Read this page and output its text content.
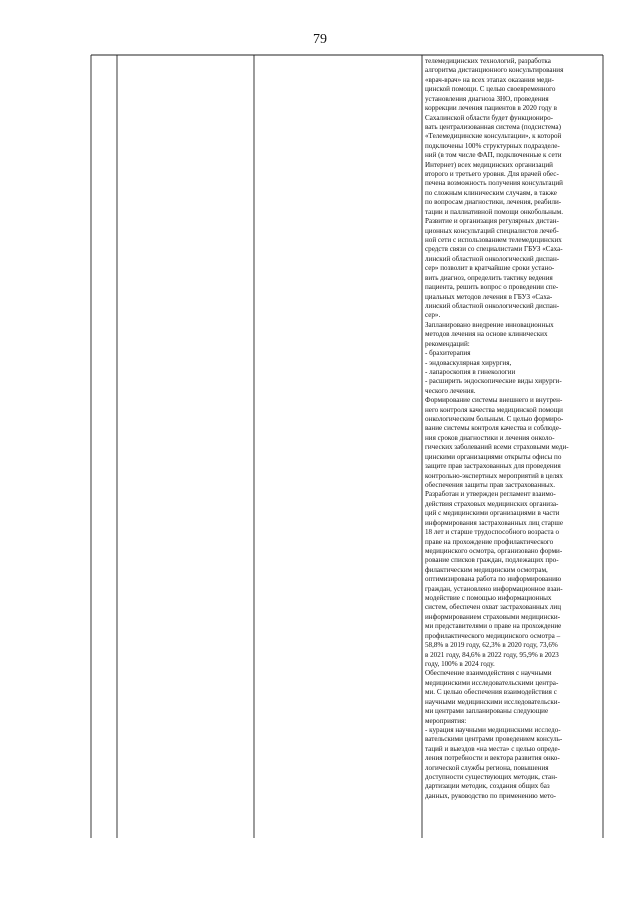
79

телемедицинских технологий, разработка

алгоритма дистанционного консультирования

«врач-врач» на всех этапах оказания меди-

цинской помощи. С целью своевременного

установления диагноза ЗНО, проведения

коррекции лечения пациентов в 2020 году в

Сахалинской области будет функциониро-

вать централизованная система (подсистема)

«Телемедицинские консультации», к которой

подключены 100% структурных подразделе-

ний (в том числе ФАП, подключенные к сети

Интернет) всех медицинских организаций

второго и третьего уровня. Для врачей обес-

печена возможность получения консультаций

по сложным клиническим случаям, в также

по вопросам диагностики, лечения, реабили-

тации и паллиативной помощи онкобольным.

Развитие и организация регулярных дистан-

ционных консультаций специалистов лечеб-

ной сети с использованием телемедицинских

средств связи со специалистами ГБУЗ «Саха-

линский областной онкологический диспан-

сер» позволит в кратчайшие сроки устано-

вить диагноз, определить тактику ведения

пациента, решить вопрос о проведении спе-

циальных методов лечения в ГБУЗ «Саха-

линский областной онкологический диспан-

сер».

Запланировано внедрение инновационных

методов лечения на основе клинических

рекомендаций:

- брахитерапия

- эндоваскулярная хирургия,

- лапароскопия в гинекологии

- расширить эндоскопические виды хирурги-

ческого лечения.

Формирование системы внешнего и внутрен-

него контроля качества медицинской помощи

онкологическим больным. С целью формиро-

вание системы контроля качества и соблюде-

ния сроков диагностики и лечения онколо-

гических заболеваний всеми страховыми меди-

цинскими организациями открыты офисы по

защите прав застрахованных для проведения

контрольно-экспертных мероприятий в целях

обеспечения защиты прав застрахованных.

Разработан и утвержден регламент взаимо-

действия страховых медицинских организа-

ций с медицинскими организациями в части

информирования застрахованных лиц старше

18 лет и старше трудоспособного возраста о

праве на прохождение профилактического

медицинского осмотра, организовано форми-

рование списков граждан, подлежащих про-

филактическим медицинским осмотрам,

оптимизирована работа по информированию

граждан, установлено информационное взаи-

модействие с помощью информационных

систем, обеспечен охват застрахованных лиц

информированием страховыми медицински-

ми представителями о праве на прохождение

профилактического медицинского осмотра –

58,8% в 2019 году, 62,3% в 2020 году, 73,6%

в 2021 году, 84,6% в 2022 году, 95,9% в 2023

году, 100% в 2024 году.

Обеспечение взаимодействия с научными

медицинскими исследовательскими центра-

ми. С целью обеспечения взаимодействия с

научными медицинскими исследовательски-

ми центрами запланированы следующие

мероприятия:

- курация научными медицинскими исследо-

вательскими центрами проведением консуль-

таций и выездов «на места» с целью опреде-

ления потребности и вектора развития онко-

логической службы региона, повышения

доступности существующих методик, стан-

дартизации методик, создания общих баз

данных, руководство по применению мето-
